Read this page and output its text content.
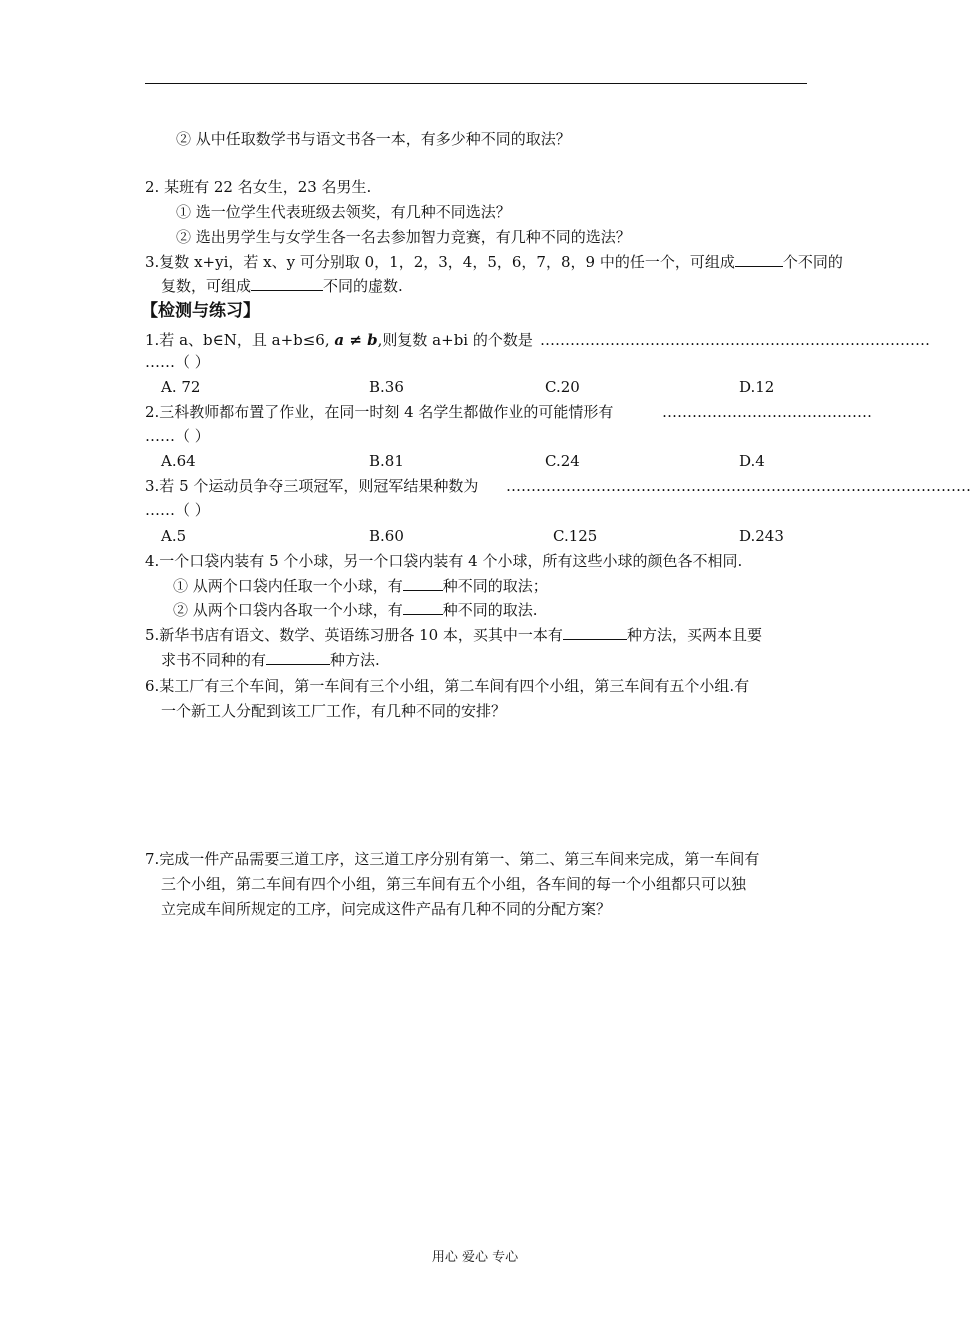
② 从中任取数学书与语文书各一本，有多少种不同的取法？
2. 某班有 22 名女生，23 名男生.
① 选一位学生代表班级去领奖，有几种不同选法？
② 选出男学生与女学生各一名去参加智力竞赛，有几种不同的选法？
3.复数 x+yi，若 x、y 可分别取 0，1，2，3，4，5，6，7，8，9 中的任一个，可组成	个不同的
复数，可组成	不同的虚数.
【检测与练习】
1.若 a、b∈N，且 a+b≤6, a ≠ b,则复数 a+bi 的个数是 ……………………………………………………………………
……（ ）
A. 72	B.36	C.20	D.12
2.三科教师都布置了作业，在同一时刻 4 名学生都做作业的可能情形有	……………………………………
……（ ）
A.64	B.81	C.24	D.4
3.若 5 个运动员争夺三项冠军，则冠军结果种数为 …………………………………………………………………………………
……（ ）
A.5	B.60	C.125	D.243
4.一个口袋内装有 5 个小球，另一个口袋内装有 4 个小球，所有这些小球的颜色各不相同.
① 从两个口袋内任取一个小球，有	种不同的取法；
② 从两个口袋内各取一个小球，有	种不同的取法.
5.新华书店有语文、数学、英语练习册各 10 本，买其中一本有	种方法，买两本且要
求书不同种的有	种方法.
6.某工厂有三个车间，第一车间有三个小组，第二车间有四个小组，第三车间有五个小组.有
一个新工人分配到该工厂工作，有几种不同的安排？
7.完成一件产品需要三道工序，这三道工序分别有第一、第二、第三车间来完成，第一车间有
三个小组，第二车间有四个小组，第三车间有五个小组，各车间的每一个小组都只可以独
立完成车间所规定的工序，问完成这件产品有几种不同的分配方案？
用心 爱心 专心
